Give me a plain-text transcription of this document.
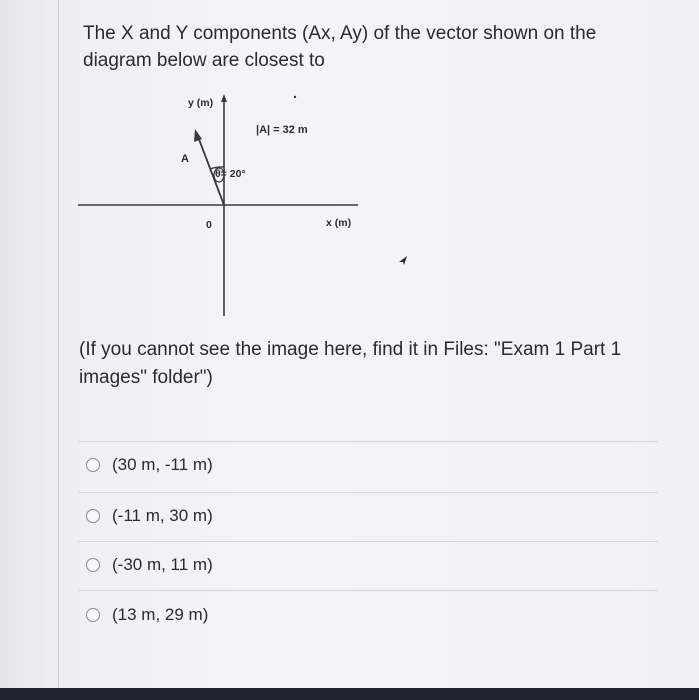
The X and Y components (Ax, Ay) of the vector shown on the diagram below are closest to
y (m)
|A| = 32 m
A
θ= 20°
0	x (m)
(If you cannot see the image here, find it in Files: "Exam 1 Part 1 images" folder")
(30 m, -11 m)
(-11 m, 30 m)
(-30 m, 11 m)
(13 m, 29 m)
